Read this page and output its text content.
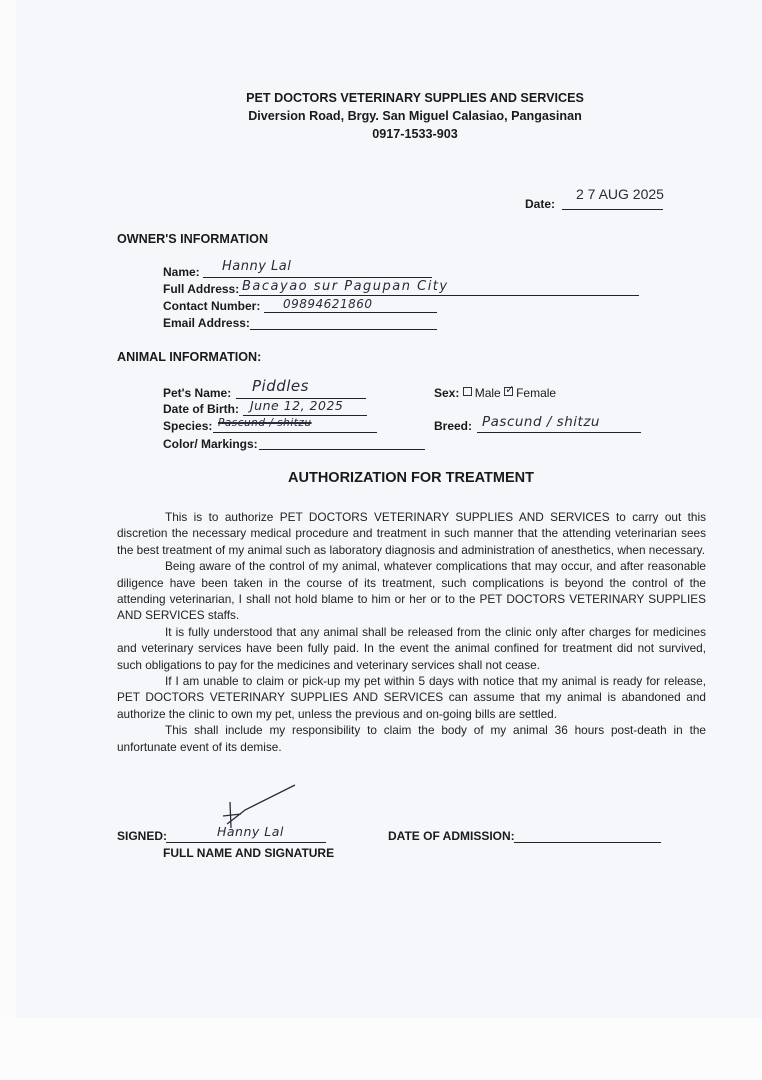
PET DOCTORS VETERINARY SUPPLIES AND SERVICES
Diversion Road, Brgy. San Miguel Calasiao, Pangasinan
0917-1533-903
Date:
2 7 AUG 2025
OWNER'S INFORMATION
Name: Hanny Lal
Full Address: Bacayao sur Pagupan City
Contact Number: 09894621860
Email Address:
ANIMAL INFORMATION:
Pet's Name: Piddles
Date of Birth: June 12, 2025
Species: Pascund / shitzu
Color/ Markings:
Sex: Male ✓ Female
Breed: Pascund / shitzu
AUTHORIZATION FOR TREATMENT

This is to authorize PET DOCTORS VETERINARY SUPPLIES AND SERVICES to carry out this discretion the necessary medical procedure and treatment in such manner that the attending veterinarian sees the best treatment of my animal such as laboratory diagnosis and administration of anesthetics, when necessary.

Being aware of the control of my animal, whatever complications that may occur, and after reasonable diligence have been taken in the course of its treatment, such complications is beyond the control of the attending veterinarian, I shall not hold blame to him or her or to the PET DOCTORS VETERINARY SUPPLIES AND SERVICES staffs.

It is fully understood that any animal shall be released from the clinic only after charges for medicines and veterinary services have been fully paid. In the event the animal confined for treatment did not survived, such obligations to pay for the medicines and veterinary services shall not cease.

If I am unable to claim or pick-up my pet within 5 days with notice that my animal is ready for release, PET DOCTORS VETERINARY SUPPLIES AND SERVICES can assume that my animal is abandoned and authorize the clinic to own my pet, unless the previous and on-going bills are settled.

This shall include my responsibility to claim the body of my animal 36 hours post-death in the unfortunate event of its demise.

SIGNED:	Hanny Lal
FULL NAME AND SIGNATURE
DATE OF ADMISSION:
